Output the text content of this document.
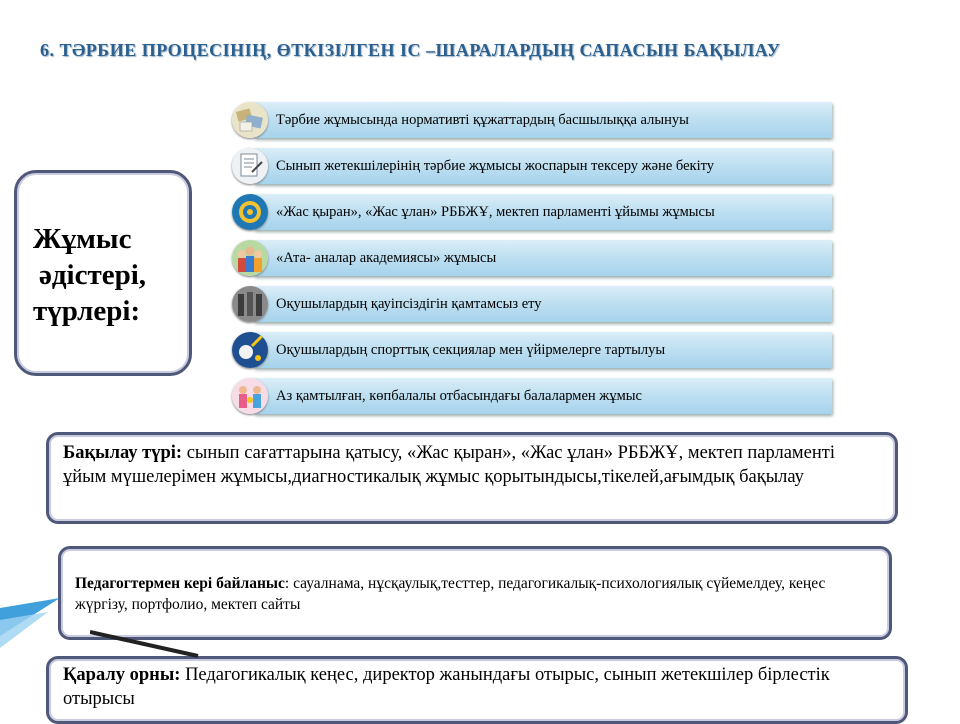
6. ТӘРБИЕ ПРОЦЕСІНІҢ, ӨТКІЗІЛГЕН ІС –ШАРАЛАРДЫҢ САПАСЫН БАҚЫЛАУ
Жұмыс
әдістері,
түрлері:
Тәрбие жұмысында нормативті құжаттардың басшылыққа алынуы
Сынып жетекшілерінің тәрбие жұмысы жоспарын тексеру және бекіту
«Жас қыран», «Жас ұлан» РББЖҰ, мектеп парламенті ұйымы жұмысы
«Ата- аналар академиясы» жұмысы
Оқушылардың қауіпсіздігін қамтамсыз ету
Оқушылардың спорттық секциялар мен үйірмелерге тартылуы
Аз қамтылған, көпбалалы отбасындағы балалармен жұмыс
Бақылау түрі: сынып сағаттарына қатысу, «Жас қыран», «Жас ұлан» РББЖҰ, мектеп парламенті ұйым мүшелерімен жұмысы,диагностикалық жұмыс қорытындысы,тікелей,ағымдық бақылау
Педагогтермен кері байланыс: сауалнама, нұсқаулық,тесттер, педагогикалық-психологиялық сүйемелдеу, кеңес жүргізу, портфолио, мектеп сайты
Қаралу орны: Педагогикалық кеңес, директор жанындағы отырыс, сынып жетекшілер бірлестік отырысы
